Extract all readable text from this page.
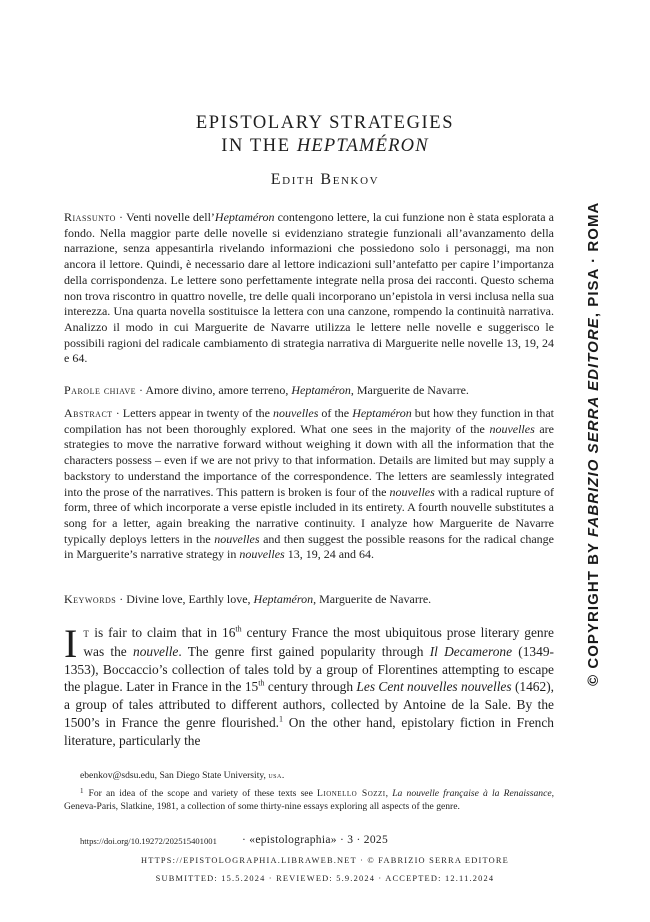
EPISTOLARY STRATEGIES
IN THE HEPTAMÉRON
Edith Benkov
Riassunto · Venti novelle dell’Heptaméron contengono lettere, la cui funzione non è stata esplorata a fondo. Nella maggior parte delle novelle si evidenziano strategie funzionali all’avanzamento della narrazione, senza appesantirla rivelando informazioni che possiedono solo i personaggi, ma non ancora il lettore. Quindi, è necessario dare al lettore indicazioni sull’antefatto per capire l’importanza della corrispondenza. Le lettere sono perfettamente integrate nella prosa dei racconti. Questo schema non trova riscontro in quattro novelle, tre delle quali incorporano un’epistola in versi inclusa nella sua interezza. Una quarta novella sostituisce la lettera con una canzone, rompendo la continuità narrativa. Analizzo il modo in cui Marguerite de Navarre utilizza le lettere nelle novelle e suggerisco le possibili ragioni del radicale cambiamento di strategia narrativa di Marguerite nelle novelle 13, 19, 24 e 64.
Parole chiave · Amore divino, amore terreno, Heptaméron, Marguerite de Navarre.
Abstract · Letters appear in twenty of the nouvelles of the Heptaméron but how they function in that compilation has not been thoroughly explored. What one sees in the majority of the nouvelles are strategies to move the narrative forward without weighing it down with all the information that the characters possess – even if we are not privy to that information. Details are limited but may supply a backstory to understand the importance of the correspondence. The letters are seamlessly integrated into the prose of the narratives. This pattern is broken is four of the nouvelles with a radical rupture of form, three of which incorporate a verse epistle included in its entirety. A fourth nouvelle substitutes a song for a letter, again breaking the narrative continuity. I analyze how Marguerite de Navarre typically deploys letters in the nouvelles and then suggest the possible reasons for the radical change in Marguerite’s narrative strategy in nouvelles 13, 19, 24 and 64.
Keywords · Divine love, Earthly love, Heptaméron, Marguerite de Navarre.
It is fair to claim that in 16th century France the most ubiquitous prose literary genre was the nouvelle. The genre first gained popularity through Il Decamerone (1349-1353), Boccaccio’s collection of tales told by a group of Florentines attempting to escape the plague. Later in France in the 15th century through Les Cent nouvelles nouvelles (1462), a group of tales attributed to different authors, collected by Antoine de la Sale. By the 1500’s in France the genre flourished.$^1$ On the other hand, epistolary fiction in French literature, particularly the
ebenkov@sdsu.edu, San Diego State University, usa.
$^1$ For an idea of the scope and variety of these texts see Lionello Sozzi, La nouvelle française à la Renaissance, Geneva-Paris, Slatkine, 1981, a collection of some thirty-nine essays exploring all aspects of the genre.
https://doi.org/10.19272/202515401001 · «epistolographia» · 3 · 2025
HTTPS://EPISTOLOGRAPHIA.LIBRAWEB.NET · © FABRIZIO SERRA EDITORE
SUBMITTED: 15.5.2024 · REVIEWED: 5.9.2024 · ACCEPTED: 12.11.2024
© COPYRIGHT BY FABRIZIO SERRA EDITORE, PISA · ROMA
